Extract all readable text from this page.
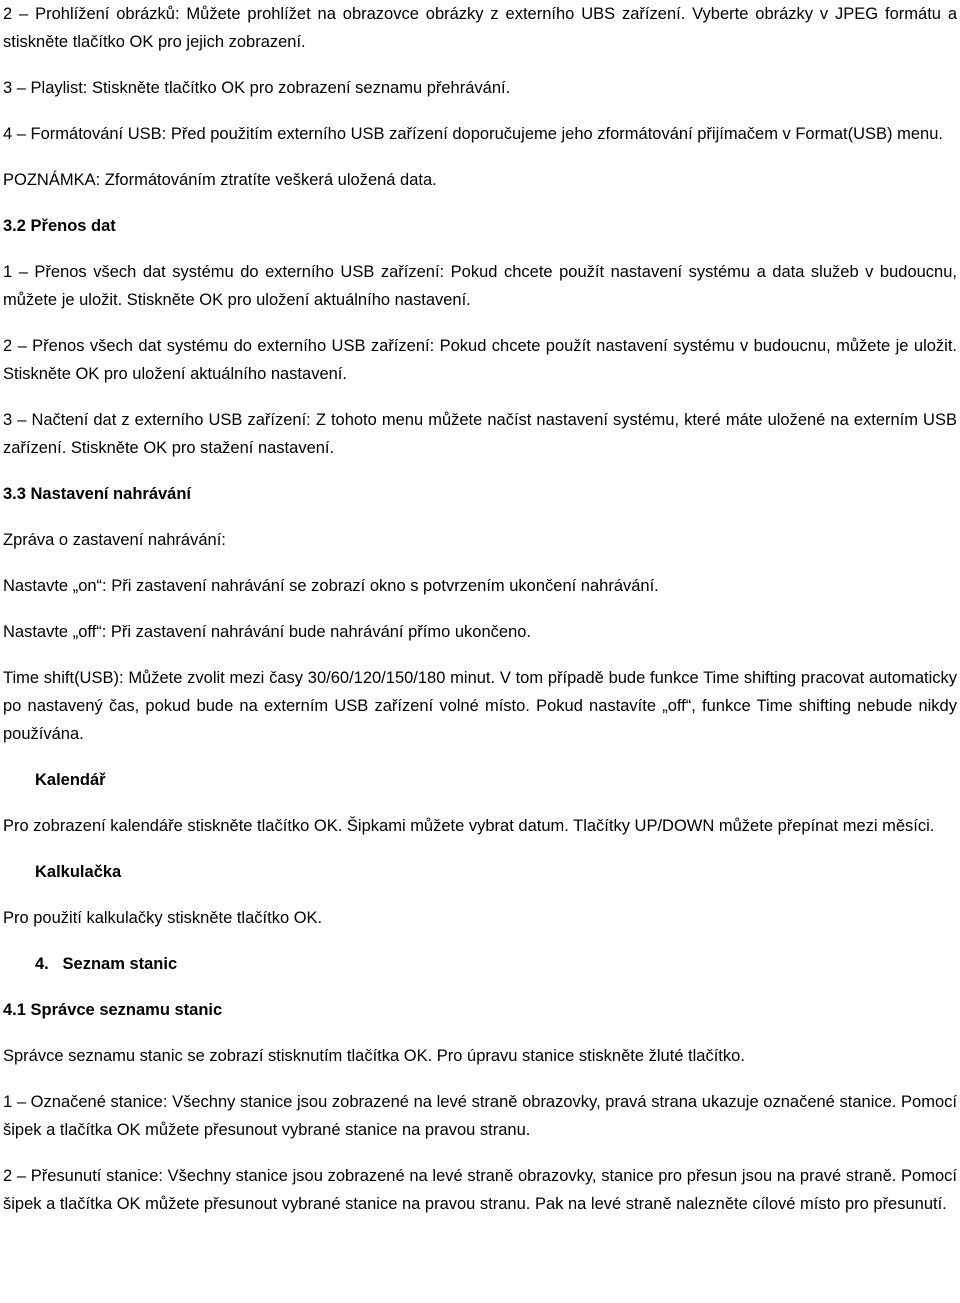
2 – Prohlížení obrázků: Můžete prohlížet na obrazovce obrázky z externího UBS zařízení. Vyberte obrázky v JPEG formátu a stiskněte tlačítko OK pro jejich zobrazení.

3 – Playlist: Stiskněte tlačítko OK pro zobrazení seznamu přehrávání.

4 – Formátování USB: Před použitím externího USB zařízení doporučujeme jeho zformátování přijímačem v Format(USB) menu.

POZNÁMKA: Zformátováním ztratíte veškerá uložená data.

3.2 Přenos dat

1 – Přenos všech dat systému do externího USB zařízení: Pokud chcete použít nastavení systému a data služeb v budoucnu, můžete je uložit. Stiskněte OK pro uložení aktuálního nastavení.

2 – Přenos všech dat systému do externího USB zařízení: Pokud chcete použít nastavení systému v budoucnu, můžete je uložit. Stiskněte OK pro uložení aktuálního nastavení.

3 – Načtení dat z externího USB zařízení: Z tohoto menu můžete načíst nastavení systému, které máte uložené na externím USB zařízení. Stiskněte OK pro stažení nastavení.

3.3 Nastavení nahrávání

Zpráva o zastavení nahrávání:

Nastavte „on“: Při zastavení nahrávání se zobrazí okno s potvrzením ukončení nahrávání.

Nastavte „off“: Při zastavení nahrávání bude nahrávání přímo ukončeno.

Time shift(USB): Můžete zvolit mezi časy 30/60/120/150/180 minut. V tom případě bude funkce Time shifting pracovat automaticky po nastavený čas, pokud bude na externím USB zařízení volné místo. Pokud nastavíte „off“, funkce Time shifting nebude nikdy používána.

Kalendář

Pro zobrazení kalendáře stiskněte tlačítko OK. Šipkami můžete vybrat datum. Tlačítky UP/DOWN můžete přepínat mezi měsíci.

Kalkulačka

Pro použití kalkulačky stiskněte tlačítko OK.

4.   Seznam stanic

4.1 Správce seznamu stanic

Správce seznamu stanic se zobrazí stisknutím tlačítka OK. Pro úpravu stanice stiskněte žluté tlačítko.

1 – Označené stanice: Všechny stanice jsou zobrazené na levé straně obrazovky, pravá strana ukazuje označené stanice. Pomocí šipek a tlačítka OK můžete přesunout vybrané stanice na pravou stranu.

2 – Přesunutí stanice: Všechny stanice jsou zobrazené na levé straně obrazovky, stanice pro přesun jsou na pravé straně. Pomocí šipek a tlačítka OK můžete přesunout vybrané stanice na pravou stranu. Pak na levé straně nalezněte cílové místo pro přesunutí.
